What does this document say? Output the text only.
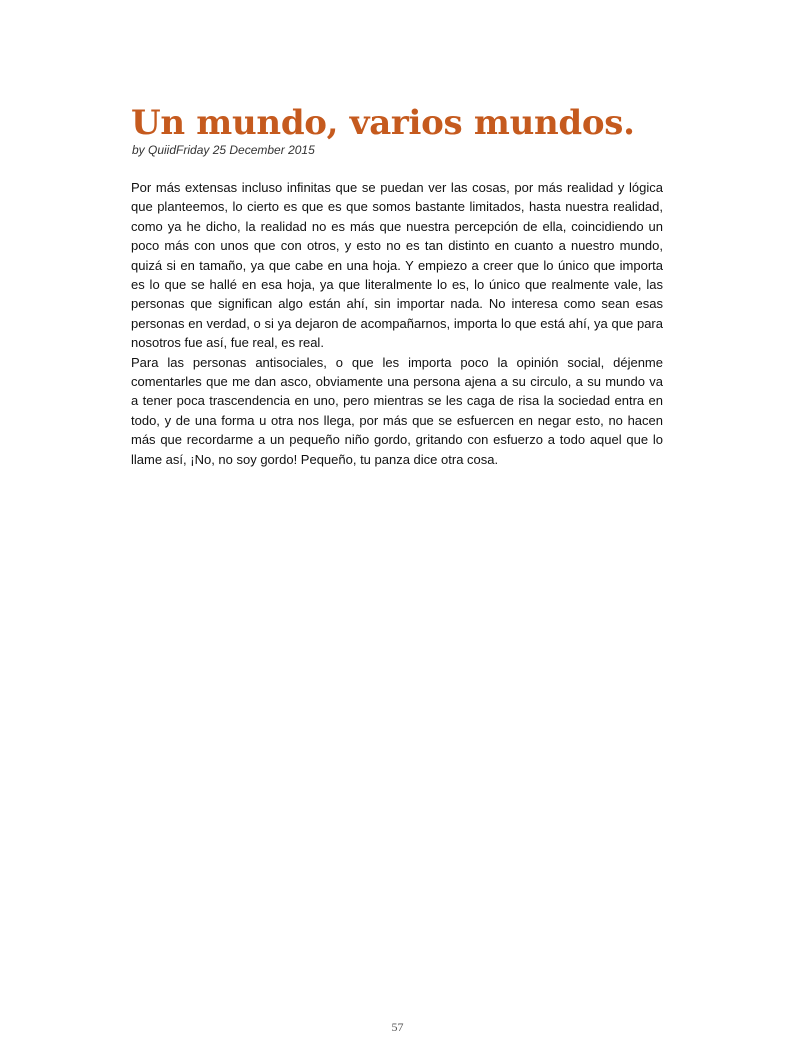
Un mundo, varios mundos.
by QuiidFriday 25 December 2015

Por más extensas incluso infinitas que se puedan ver las cosas, por más realidad y lógica que planteemos, lo cierto es que es que somos bastante limitados, hasta nuestra realidad, como ya he dicho, la realidad no es más que nuestra percepción de ella, coincidiendo un poco más con unos que con otros, y esto no es tan distinto en cuanto a nuestro mundo, quizá si en tamaño, ya que cabe en una hoja. Y empiezo a creer que lo único que importa es lo que se hallé en esa hoja, ya que literalmente lo es, lo único que realmente vale, las personas que significan algo están ahí, sin importar nada. No interesa como sean esas personas en verdad, o si ya dejaron de acompañarnos, importa lo que está ahí, ya que para nosotros fue así, fue real, es real.

Para las personas antisociales, o que les importa poco la opinión social, déjenme comentarles que me dan asco, obviamente una persona ajena a su circulo, a su mundo va a tener poca trascendencia en uno, pero mientras se les caga de risa la sociedad entra en todo, y de una forma u otra nos llega, por más que se esfuercen en negar esto, no hacen más que recordarme a un pequeño niño gordo, gritando con esfuerzo a todo aquel que lo llame así, ¡No, no soy gordo! Pequeño, tu panza dice otra cosa.

57
